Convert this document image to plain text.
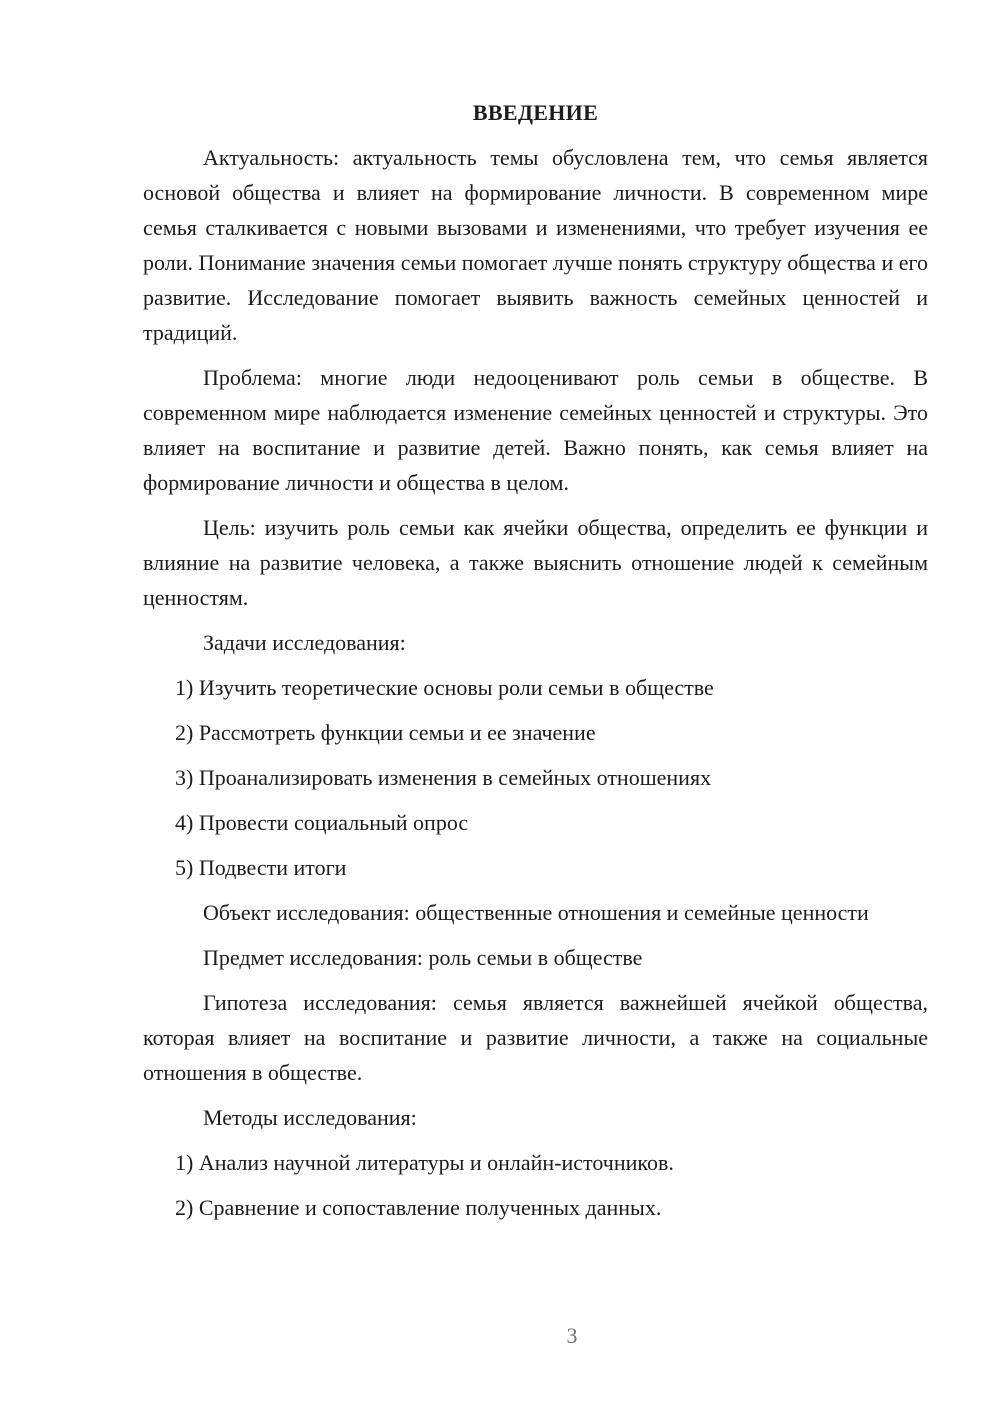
ВВЕДЕНИЕ

Актуальность: актуальность темы обусловлена тем, что семья является основой общества и влияет на формирование личности. В современном мире семья сталкивается с новыми вызовами и изменениями, что требует изучения ее роли. Понимание значения семьи помогает лучше понять структуру общества и его развитие. Исследование помогает выявить важность семейных ценностей и традиций.

Проблема: многие люди недооценивают роль семьи в обществе. В современном мире наблюдается изменение семейных ценностей и структуры. Это влияет на воспитание и развитие детей. Важно понять, как семья влияет на формирование личности и общества в целом.

Цель: изучить роль семьи как ячейки общества, определить ее функции и влияние на развитие человека, а также выяснить отношение людей к семейным ценностям.

Задачи исследования:

1) Изучить теоретические основы роли семьи в обществе
2) Рассмотреть функции семьи и ее значение
3) Проанализировать изменения в семейных отношениях
4) Провести социальный опрос
5) Подвести итоги

Объект исследования: общественные отношения и семейные ценности

Предмет исследования: роль семьи в обществе

Гипотеза исследования: семья является важнейшей ячейкой общества, которая влияет на воспитание и развитие личности, а также на социальные отношения в обществе.

Методы исследования:

1) Анализ научной литературы и онлайн-источников.
2) Сравнение и сопоставление полученных данных.
3
